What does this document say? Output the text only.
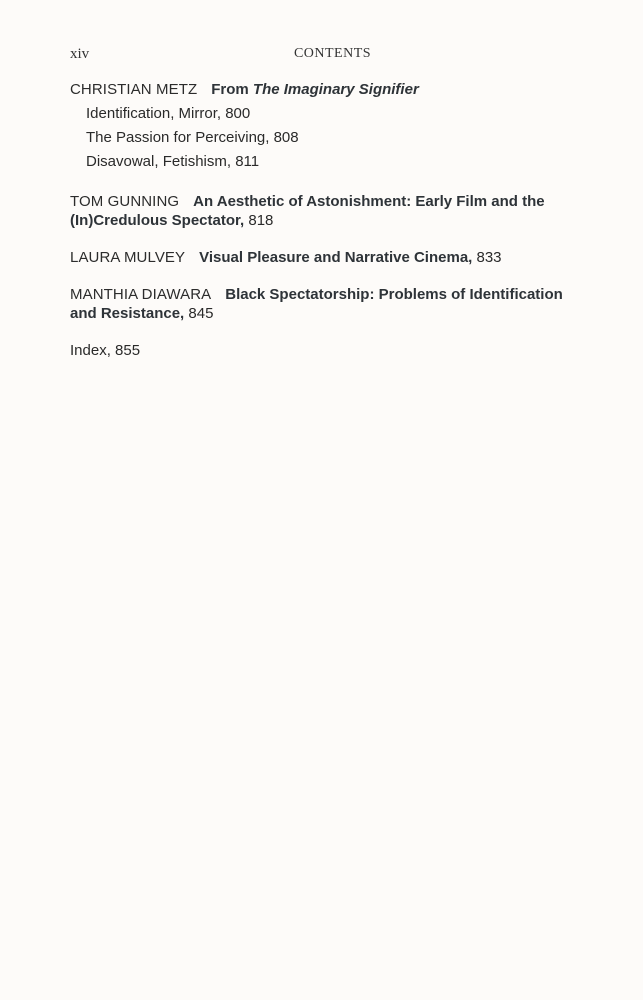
xiv	CONTENTS
CHRISTIAN METZ From The Imaginary Signifier
Identification, Mirror, 800
The Passion for Perceiving, 808
Disavowal, Fetishism, 811
TOM GUNNING An Aesthetic of Astonishment: Early Film and the (In)Credulous Spectator, 818
LAURA MULVEY Visual Pleasure and Narrative Cinema, 833
MANTHIA DIAWARA Black Spectatorship: Problems of Identification and Resistance, 845
Index, 855
